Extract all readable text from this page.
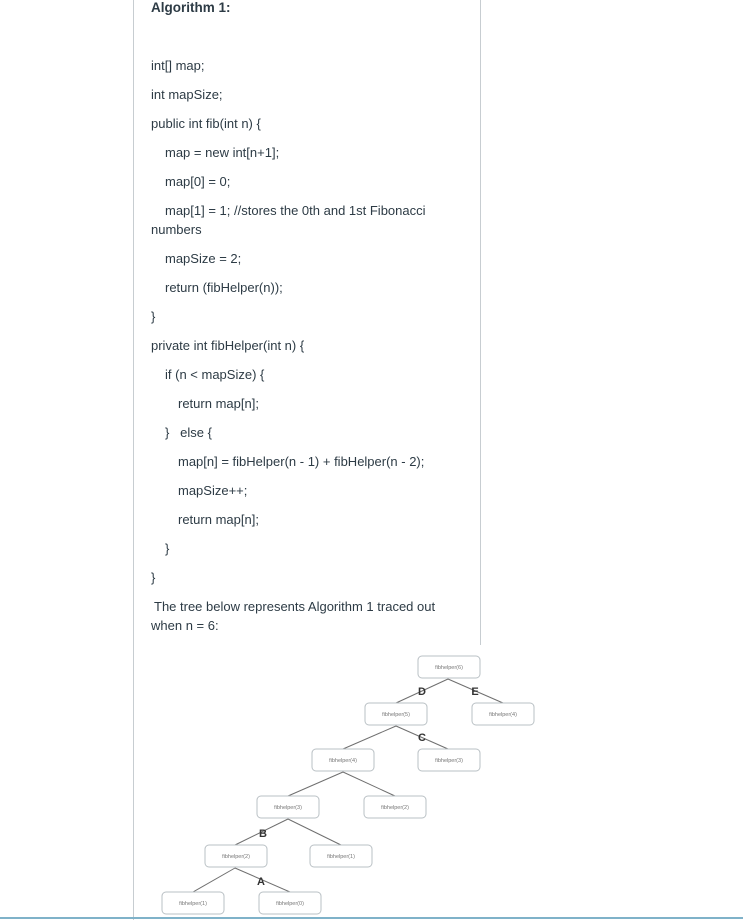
Algorithm 1:
int[] map;
int mapSize;
public int fib(int n) {
map = new int[n+1];
map[0] = 0;
map[1] = 1; //stores the 0th and 1st Fibonacci
numbers
mapSize = 2;
return (fibHelper(n));
}
private int fibHelper(int n) {
if (n < mapSize) {
return map[n];
}   else {
map[n] = fibHelper(n - 1) + fibHelper(n - 2);
mapSize++;
return map[n];
}
}
The tree below represents Algorithm 1 traced out
when n = 6:
D	E
C
B
A
fibhelper(6)
fibhelper(5)	fibhelper(4)
fibhelper(4)	fibhelper(3)
fibhelper(3)	fibhelper(2)
fibhelper(2)	fibhelper(1)
fibhelper(1)	fibhelper(0)
